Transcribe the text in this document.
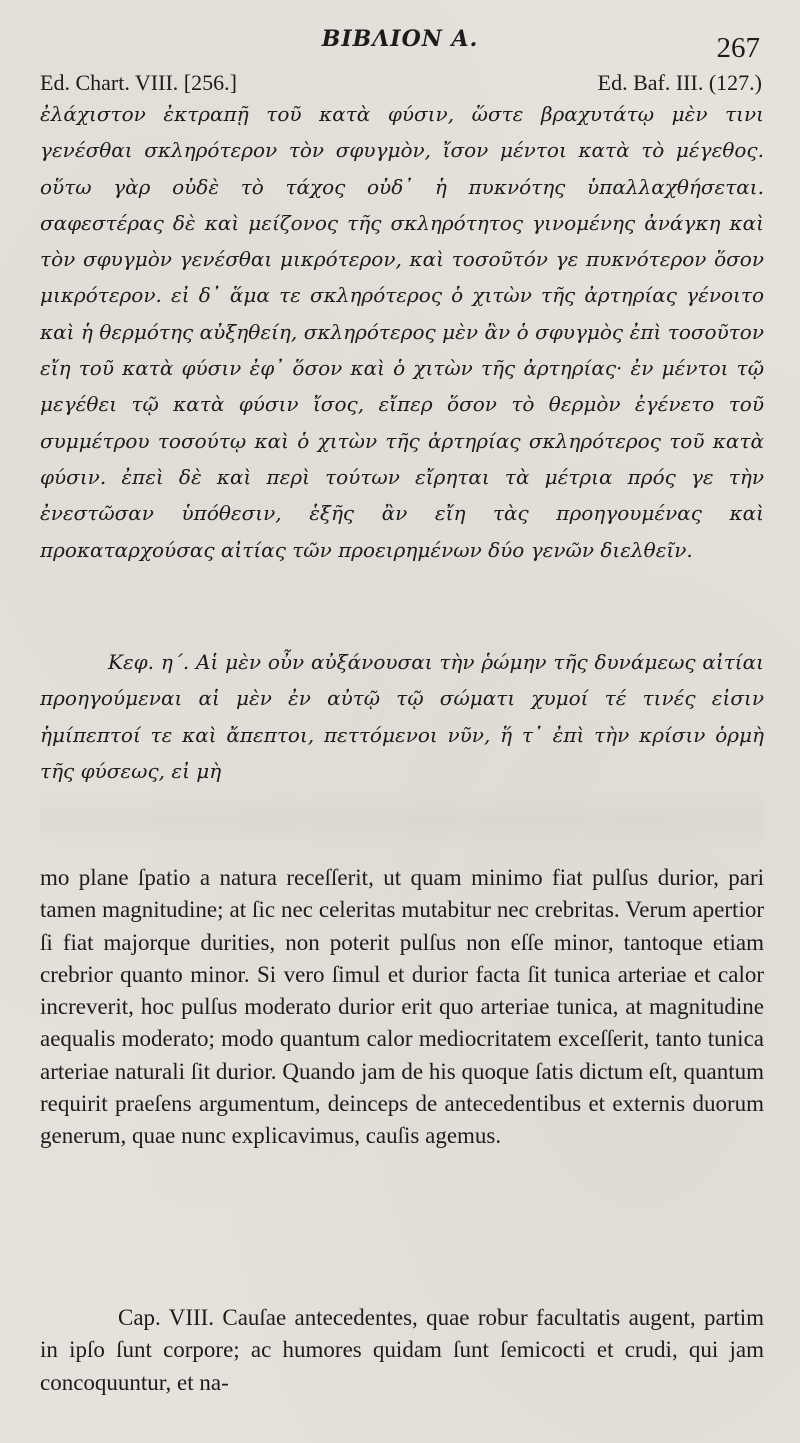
ΒΙΒΛΙΟΝ Α.	267
Ed. Chart. VIII. [256.]	Ed. Baf. III. (127.)

ἐλάχιστον ἐκτραπῇ τοῦ κατὰ φύσιν, ὥστε βραχυτάτῳ μὲν τινι γενέσθαι σκληρότερον τὸν σφυγμὸν, ἴσον μέντοι κατὰ τὸ μέγεθος. οὕτω γὰρ οὐδὲ τὸ τάχος οὐδ᾽ ἡ πυκνότης ὑπαλλαχθήσεται. σαφεστέρας δὲ καὶ μείζονος τῆς σκληρότητος γινομένης ἀνάγκη καὶ τὸν σφυγμὸν γενέσθαι μικρότερον, καὶ τοσοῦτόν γε πυκνότερον ὅσον μικρότερον. εἰ δ᾽ ἅμα τε σκληρότερος ὁ χιτὼν τῆς ἀρτηρίας γένοιτο καὶ ἡ θερμότης αὐξηθείη, σκληρότερος μὲν ἂν ὁ σφυγμὸς ἐπὶ τοσοῦτον εἴη τοῦ κατὰ φύσιν ἐφ᾽ ὅσον καὶ ὁ χιτὼν τῆς ἀρτηρίας· ἐν μέντοι τῷ μεγέθει τῷ κατὰ φύσιν ἴσος, εἴπερ ὅσον τὸ θερμὸν ἐγένετο τοῦ συμμέτρου τοσούτῳ καὶ ὁ χιτὼν τῆς ἀρτηρίας σκληρότερος τοῦ κατὰ φύσιν. ἐπεὶ δὲ καὶ περὶ τούτων εἴρηται τὰ μέτρια πρός γε τὴν ἐνεστῶσαν ὑπόθεσιν, ἑξῆς ἂν εἴη τὰς προηγουμένας καὶ προκαταρχούσας αἰτίας τῶν προειρημένων δύο γενῶν διελθεῖν.

Κεφ. η΄. Αἱ μὲν οὖν αὐξάνουσαι τὴν ῥώμην τῆς δυνάμεως αἰτίαι προηγούμεναι αἱ μὲν ἐν αὐτῷ τῷ σώματι χυμοί τέ τινές εἰσιν ἡμίπεπτοί τε καὶ ἄπεπτοι, πεττόμενοι νῦν, ἥ τ᾽ ἐπὶ τὴν κρίσιν ὁρμὴ τῆς φύσεως, εἰ μὴ

mo plane ſpatio a natura receſſerit, ut quam minimo fiat pulſus durior, pari tamen magnitudine; at ſic nec celeritas mutabitur nec crebritas. Verum apertior ſi fiat majorque durities, non poterit pulſus non eſſe minor, tantoque etiam crebrior quanto minor. Si vero ſimul et durior facta ſit tunica arteriae et calor increverit, hoc pulſus moderato durior erit quo arteriae tunica, at magnitudine aequalis moderato; modo quantum calor mediocritatem exceſſerit, tanto tunica arteriae naturali ſit durior. Quando jam de his quoque ſatis dictum eſt, quantum requirit praeſens argumentum, deinceps de antecedentibus et externis duorum generum, quae nunc explicavimus, cauſis agemus.

Cap. VIII. Cauſae antecedentes, quae robur facultatis augent, partim in ipſo ſunt corpore; ac humores quidam ſunt ſemicocti et crudi, qui jam concoquuntur, et na-
